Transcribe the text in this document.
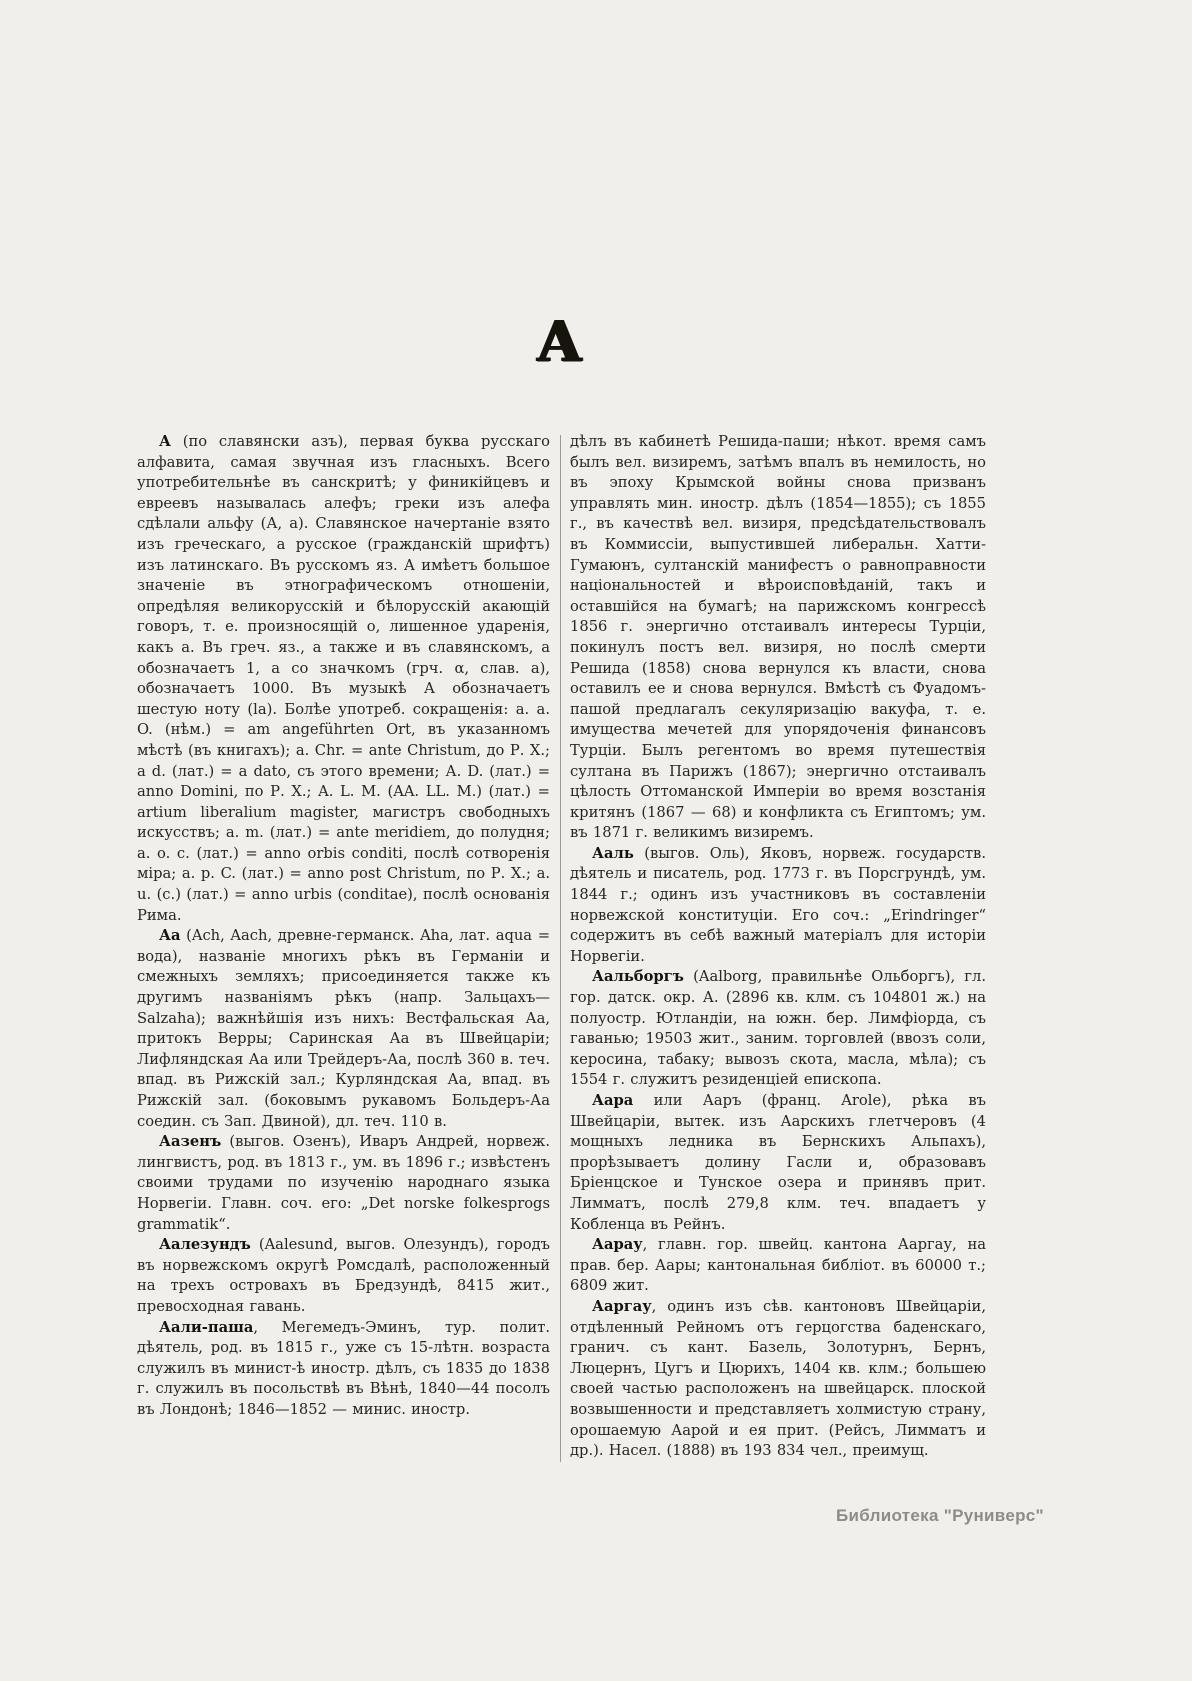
А

А (по славянски азъ), первая буква русскаго алфавита, самая звучная изъ гласныхъ. Всего употребительнѣе въ санскритѣ; у финикійцевъ и евреевъ называлась алефъ; греки изъ алефа сдѣлали альфу (А, а). Славянское начертаніе взято изъ греческаго, а русское (гражданскій шрифтъ) изъ латинскаго. Въ русскомъ яз. А имѣетъ большое значеніе въ этнографическомъ отношеніи, опредѣляя великорусскій и бѣлорусскій акающій говоръ, т. е. произносящій о, лишенное ударенія, какъ а. Въ греч. яз., а также и въ славянскомъ, а обозначаетъ 1, а со значкомъ (грч. α, слав. а), обозначаетъ 1000. Въ музыкѣ А обозначаетъ шестую ноту (la). Болѣе употреб. сокращенія: a. a. O. (нѣм.) = am angeführten Ort, въ указанномъ мѣстѣ (въ книгахъ); a. Chr. = ante Christum, до Р. Х.; a d. (лат.) = a dato, съ этого времени; А. D. (лат.) = anno Domini, по Р. Х.; A. L. M. (AA. LL. M.) (лат.) = artium liberalium magister, магистръ свободныхъ искусствъ; a. m. (лат.) = ante meridiem, до полудня; a. o. c. (лат.) = anno orbis conditi, послѣ сотворенія міра; a. p. C. (лат.) = anno post Christum, по Р. Х.; a. u. (c.) (лат.) = anno urbis (conditae), послѣ основанія Рима.

Аа (Ach, Aach, древне-германск. Aha, лат. aqua = вода), названіе многихъ рѣкъ въ Германіи и смежныхъ земляхъ; присоединяется также къ другимъ названіямъ рѣкъ (напр. Зальцахъ—Salzaha); важнѣйшія изъ нихъ: Вестфальская Аа, притокъ Верры; Саринская Аа въ Швейцаріи; Лифляндская Аа или Трейдеръ-Аа, послѣ 360 в. теч. впад. въ Рижскій зал.; Курляндская Аа, впад. въ Рижскій зал. (боковымъ рукавомъ Больдеръ-Аа соедин. съ Зап. Двиной), дл. теч. 110 в.

Аазенъ (выгов. Озенъ), Иваръ Андрей, норвеж. лингвистъ, род. въ 1813 г., ум. въ 1896 г.; извѣстенъ своими трудами по изученію народнаго языка Норвегіи. Главн. соч. его: „Det norske folkesprogs grammatik“.

Аалезундъ (Aalesund, выгов. Олезундъ), городъ въ норвежскомъ округѣ Ромсдалѣ, расположенный на трехъ островахъ въ Бредзундѣ, 8415 жит., превосходная гавань.

Аали-паша, Мегемедъ-Эминъ, тур. полит. дѣятель, род. въ 1815 г., уже съ 15-лѣтн. возраста служилъ въ минист-ѣ иностр. дѣлъ, съ 1835 до 1838 г. служилъ въ посольствѣ въ Вѣнѣ, 1840—44 посолъ въ Лондонѣ; 1846—1852 — минис. иностр.

дѣлъ въ кабинетѣ Решида-паши; нѣкот. время самъ былъ вел. визиремъ, затѣмъ впалъ въ немилость, но въ эпоху Крымской войны снова призванъ управлять мин. иностр. дѣлъ (1854—1855); съ 1855 г., въ качествѣ вел. визиря, предсѣдательствовалъ въ Коммиссіи, выпустившей либеральн. Хатти-Гумаюнъ, султанскій манифестъ о равноправности національностей и вѣроисповѣданій, такъ и оставшійся на бумагѣ; на парижскомъ конгрессѣ 1856 г. энергично отстаивалъ интересы Турціи, покинулъ постъ вел. визиря, но послѣ смерти Решида (1858) снова вернулся къ власти, снова оставилъ ее и снова вернулся. Вмѣстѣ съ Фуадомъ-пашой предлагалъ секуляризацію вакуфа, т. е. имущества мечетей для упорядоченія финансовъ Турціи. Былъ регентомъ во время путешествія султана въ Парижъ (1867); энергично отстаивалъ цѣлость Оттоманской Имперіи во время возстанія критянъ (1867 — 68) и конфликта съ Египтомъ; ум. въ 1871 г. великимъ визиремъ.

Ааль (выгов. Оль), Яковъ, норвеж. государств. дѣятель и писатель, род. 1773 г. въ Порсгрундѣ, ум. 1844 г.; одинъ изъ участниковъ въ составленіи норвежской конституціи. Его соч.: „Erindringer“ содержитъ въ себѣ важный матеріалъ для исторіи Норвегіи.

Аальборгъ (Aalborg, правильнѣе Ольборгъ), гл. гор. датск. окр. А. (2896 кв. клм. съ 104801 ж.) на полуостр. Ютландіи, на южн. бер. Лимфіорда, съ гаванью; 19503 жит., заним. торговлей (ввозъ соли, керосина, табаку; вывозъ скота, масла, мѣла); съ 1554 г. служитъ резиденціей епископа.

Аара или Ааръ (франц. Arole), рѣка въ Швейцаріи, вытек. изъ Аарскихъ глетчеровъ (4 мощныхъ ледника въ Бернскихъ Альпахъ), прорѣзываетъ долину Гасли и, образовавъ Бріенцское и Тунское озера и принявъ прит. Лимматъ, послѣ 279,8 клм. теч. впадаетъ у Кобленца въ Рейнъ.

Аарау, главн. гор. швейц. кантона Ааргау, на прав. бер. Аары; кантональная библіот. въ 60000 т.; 6809 жит.

Ааргау, одинъ изъ сѣв. кантоновъ Швейцаріи, отдѣленный Рейномъ отъ герцогства баденскаго, гранич. съ кант. Базель, Золотурнъ, Бернъ, Люцернъ, Цугъ и Цюрихъ, 1404 кв. клм.; большею своей частью расположенъ на швейцарск. плоской возвышенности и представляетъ холмистую страну, орошаемую Аарой и ея прит. (Рейсъ, Лимматъ и др.). Насел. (1888) въ 193 834 чел., преимущ.

Библиотека "Руниверс"
